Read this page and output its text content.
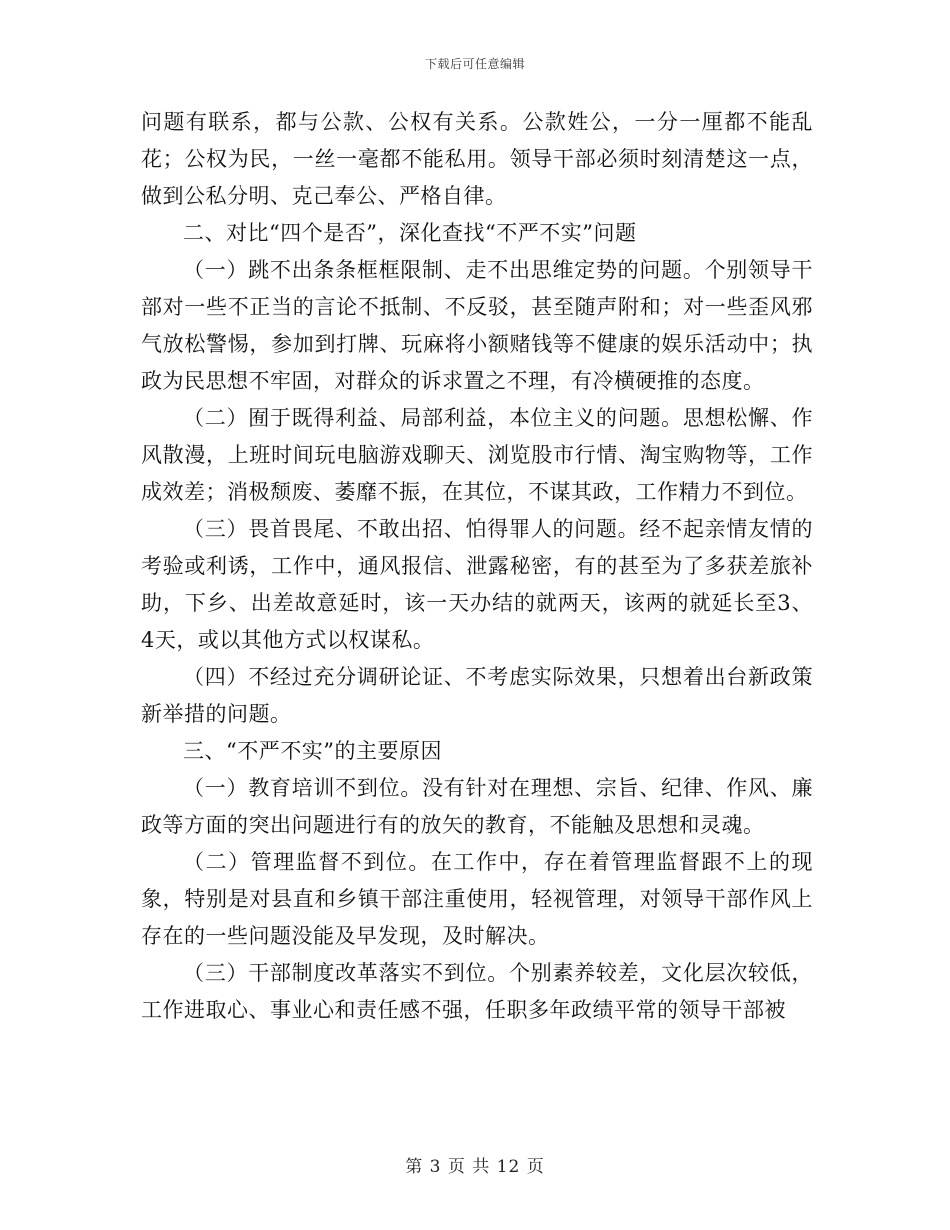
下载后可任意编辑

问题有联系，都与公款、公权有关系。公款姓公，一分一厘都不能乱花；公权为民，一丝一毫都不能私用。领导干部必须时刻清楚这一点，做到公私分明、克己奉公、严格自律。

二、对比“四个是否”，深化查找“不严不实”问题

（一）跳不出条条框框限制、走不出思维定势的问题。个别领导干部对一些不正当的言论不抵制、不反驳，甚至随声附和；对一些歪风邪气放松警惕，参加到打牌、玩麻将小额赌钱等不健康的娱乐活动中；执政为民思想不牢固，对群众的诉求置之不理，有冷横硬推的态度。

（二）囿于既得利益、局部利益，本位主义的问题。思想松懈、作风散漫，上班时间玩电脑游戏聊天、浏览股市行情、淘宝购物等，工作成效差；消极颓废、萎靡不振，在其位，不谋其政，工作精力不到位。

（三）畏首畏尾、不敢出招、怕得罪人的问题。经不起亲情友情的考验或利诱，工作中，通风报信、泄露秘密，有的甚至为了多获差旅补助，下乡、出差故意延时，该一天办结的就两天，该两的就延长至3、4天，或以其他方式以权谋私。

（四）不经过充分调研论证、不考虑实际效果，只想着出台新政策新举措的问题。

三、“不严不实”的主要原因

（一）教育培训不到位。没有针对在理想、宗旨、纪律、作风、廉政等方面的突出问题进行有的放矢的教育，不能触及思想和灵魂。

（二）管理监督不到位。在工作中，存在着管理监督跟不上的现象，特别是对县直和乡镇干部注重使用，轻视管理，对领导干部作风上存在的一些问题没能及早发现，及时解决。

（三）干部制度改革落实不到位。个别素养较差，文化层次较低，工作进取心、事业心和责任感不强，任职多年政绩平常的领导干部被

第 3 页 共 12 页
